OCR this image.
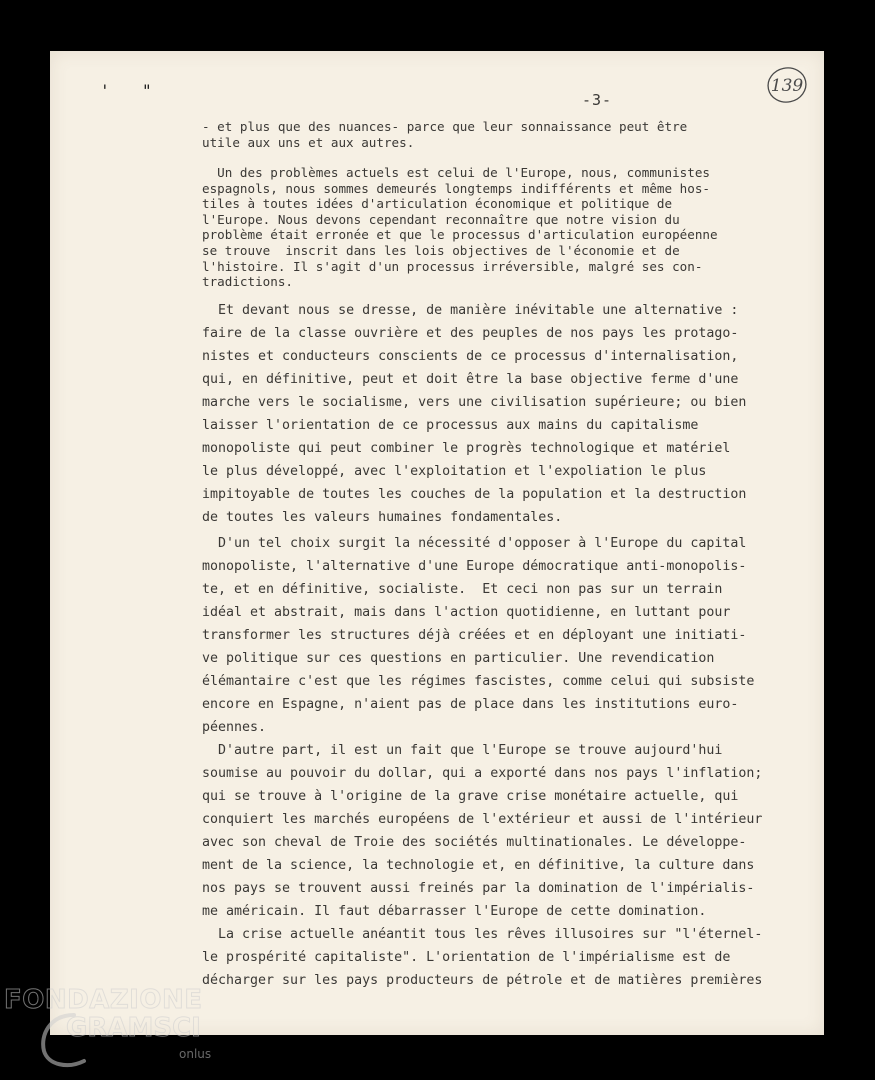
' "	-3-
139
- et plus que des nuances- parce que leur sonnaissance peut être
utile aux uns et aux autres.
Un des problèmes actuels est celui de l'Europe, nous, communistes
espagnols, nous sommes demeurés longtemps indifférents et même hos-
tiles à toutes idées d'articulation économique et politique de
l'Europe. Nous devons cependant reconnaître que notre vision du
problème était erronée et que le processus d'articulation européenne
se trouve  inscrit dans les lois objectives de l'économie et de
l'histoire. Il s'agit d'un processus irréversible, malgré ses con-
tradictions.
Et devant nous se dresse, de manière inévitable une alternative :
faire de la classe ouvrière et des peuples de nos pays les protago-
nistes et conducteurs conscients de ce processus d'internalisation,
qui, en définitive, peut et doit être la base objective ferme d'une
marche vers le socialisme, vers une civilisation supérieure; ou bien
laisser l'orientation de ce processus aux mains du capitalisme
monopoliste qui peut combiner le progrès technologique et matériel
le plus développé, avec l'exploitation et l'expoliation le plus
impitoyable de toutes les couches de la population et la destruction
de toutes les valeurs humaines fondamentales.
D'un tel choix surgit la nécessité d'opposer à l'Europe du capital
monopoliste, l'alternative d'une Europe démocratique anti-monopolis-
te, et en définitive, socialiste.  Et ceci non pas sur un terrain
idéal et abstrait, mais dans l'action quotidienne, en luttant pour
transformer les structures déjà créées et en déployant une initiati-
ve politique sur ces questions en particulier. Une revendication
élémantaire c'est que les régimes fascistes, comme celui qui subsiste
encore en Espagne, n'aient pas de place dans les institutions euro-
péennes.
D'autre part, il est un fait que l'Europe se trouve aujourd'hui
soumise au pouvoir du dollar, qui a exporté dans nos pays l'inflation;
qui se trouve à l'origine de la grave crise monétaire actuelle, qui
conquiert les marchés européens de l'extérieur et aussi de l'intérieur
avec son cheval de Troie des sociétés multinationales. Le développe-
ment de la science, la technologie et, en définitive, la culture dans
nos pays se trouvent aussi freinés par la domination de l'impérialis-
me américain. Il faut débarrasser l'Europe de cette domination.
La crise actuelle anéantit tous les rêves illusoires sur "l'éternel-
le prospérité capitaliste". L'orientation de l'impérialisme est de
décharger sur les pays producteurs de pétrole et de matières premières
FONDAZIONE
GRAMSCI
onlus
